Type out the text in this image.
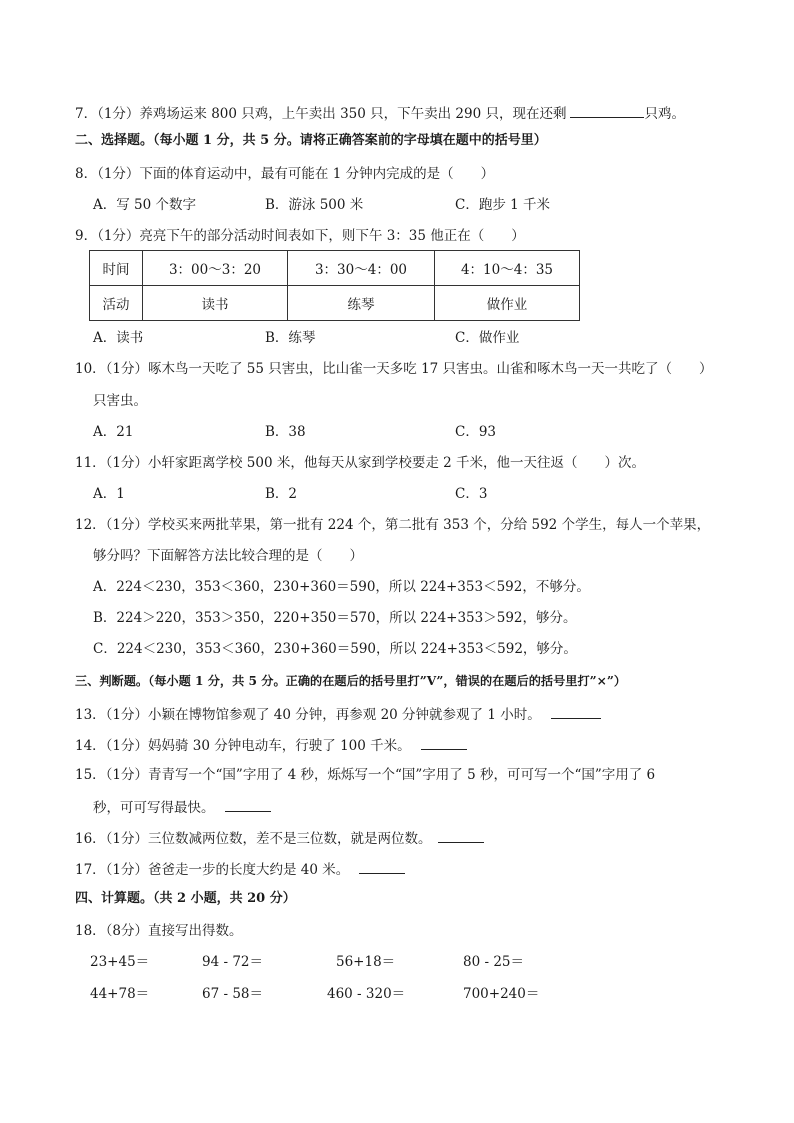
7．（1分）养鸡场运来 800 只鸡，上午卖出 350 只，下午卖出 290 只，现在还剩	只鸡。
二、选择题。（每小题 1 分，共 5 分。请将正确答案前的字母填在题中的括号里）
8．（1分）下面的体育运动中，最有可能在 1 分钟内完成的是（　　）
A．写 50 个数字	B．游泳 500 米	C．跑步 1 千米
9．（1分）亮亮下午的部分活动时间表如下，则下午 3：35 他正在（　　）
时间	3：00～3：20	3：30～4：00	4：10～4：35
活动	读书	练琴	做作业
A．读书	B．练琴	C．做作业
10．（1分）啄木鸟一天吃了 55 只害虫，比山雀一天多吃 17 只害虫。山雀和啄木鸟一天一共吃了（　　）
只害虫。
A．21	B．38	C．93
11．（1分）小轩家距离学校 500 米，他每天从家到学校要走 2 千米，他一天往返（　　）次。
A．1	B．2	C．3
12．（1分）学校买来两批苹果，第一批有 224 个，第二批有 353 个，分给 592 个学生，每人一个苹果，
够分吗？下面解答方法比较合理的是（　　）
A．224＜230，353＜360，230+360＝590，所以 224+353＜592，不够分。
B．224＞220，353＞350，220+350＝570，所以 224+353＞592，够分。
C．224＜230，353＜360，230+360＝590，所以 224+353＜592，够分。
三、判断题。（每小题 1 分，共 5 分。正确的在题后的括号里打”V”，错误的在题后的括号里打”×”）
13．（1分）小颖在博物馆参观了 40 分钟，再参观 20 分钟就参观了 1 小时。
14．（1分）妈妈骑 30 分钟电动车，行驶了 100 千米。
15．（1分）青青写一个“国”字用了 4 秒，烁烁写一个“国”字用了 5 秒，可可写一个“国”字用了 6
秒，可可写得最快。
16．（1分）三位数减两位数，差不是三位数，就是两位数。
17．（1分）爸爸走一步的长度大约是 40 米。
四、计算题。（共 2 小题，共 20 分）
18．（8分）直接写出得数。
23+45＝	94 - 72＝	56+18＝	80 - 25＝
44+78＝	67 - 58＝	460 - 320＝	700+240＝
